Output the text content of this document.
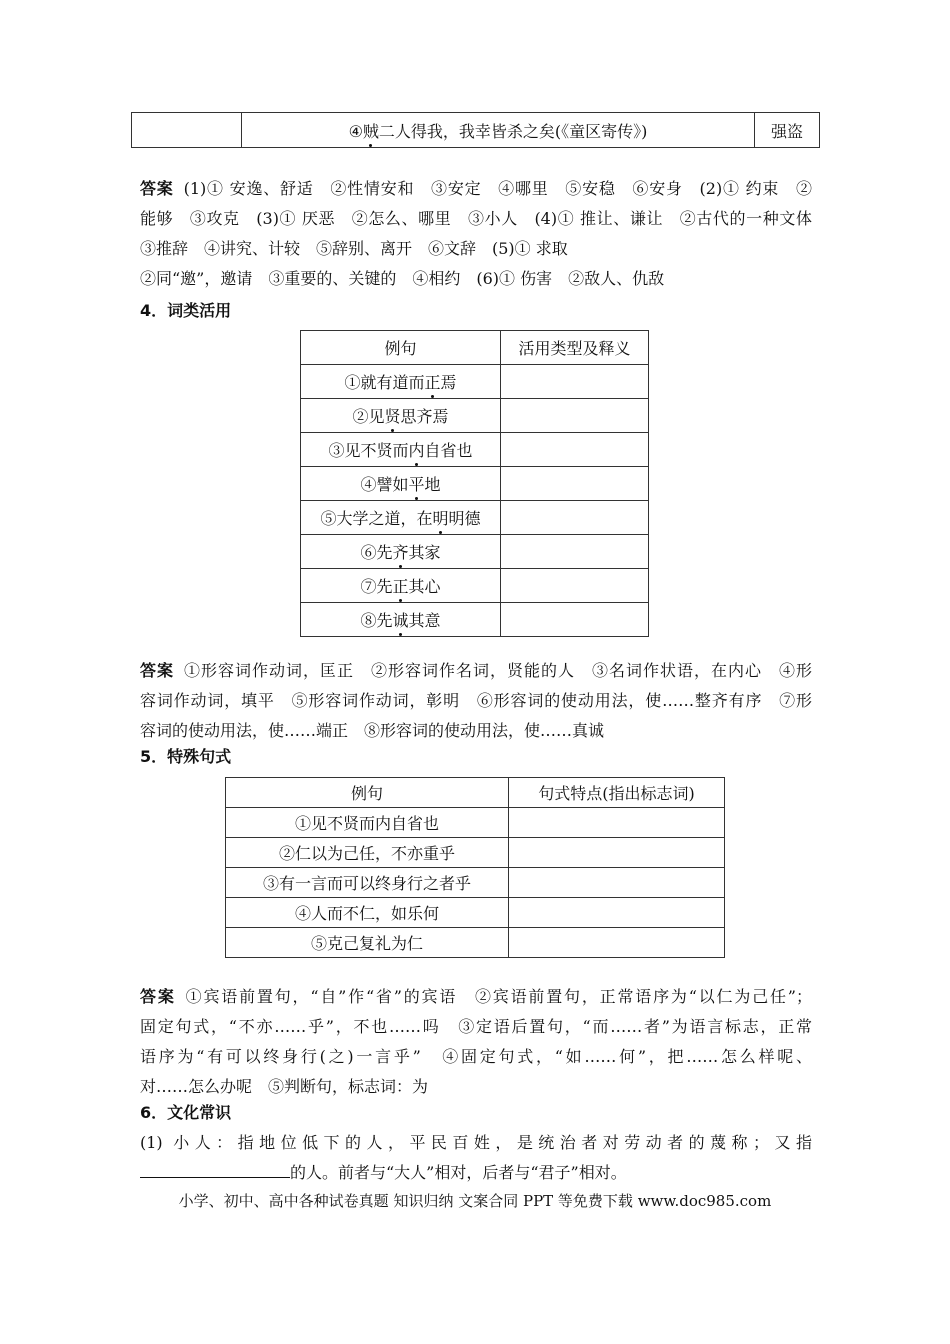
	④贼二人得我，我幸皆杀之矣(《童区寄传》)	强盗

答案 (1)① 安逸、舒适　②性情安和　③安定　④哪里　⑤安稳　⑥安身　(2)① 约束　②

能够　③攻克　(3)① 厌恶　②怎么、哪里　③小人　(4)① 推让、谦让　②古代的一种文体

③推辞　④讲究、计较　⑤辞别、离开　⑥文辞　(5)① 求取

②同“邀”，邀请　③重要的、关键的　④相约　(6)① 伤害　②敌人、仇敌

4．词类活用
例句	活用类型及释义
①就有道而正焉	
②见贤思齐焉	
③见不贤而内自省也	
④譬如平地	
⑤大学之道，在明明德	
⑥先齐其家	
⑦先正其心	
⑧先诚其意	

答案 ①形容词作动词，匡正　②形容词作名词，贤能的人　③名词作状语，在内心　④形

容词作动词，填平　⑤形容词作动词，彰明　⑥形容词的使动用法，使……整齐有序　⑦形

容词的使动用法，使……端正　⑧形容词的使动用法，使……真诚

5．特殊句式
例句	句式特点(指出标志词)
①见不贤而内自省也	
②仁以为己任，不亦重乎	
③有一言而可以终身行之者乎	
④人而不仁，如乐何	
⑤克己复礼为仁	

答案 ①宾语前置句，“自”作“省”的宾语　②宾语前置句，正常语序为“以仁为己任”；

固定句式，“不亦……乎”，不也……吗　③定语后置句，“而……者”为语言标志，正常

语序为“有可以终身行(之)一言乎”　④固定句式，“如……何”，把……怎么样呢、

对……怎么办呢　⑤判断句，标志词：为

6．文化常识

(1) 小人：指地位低下的人，平民百姓，是统治者对劳动者的蔑称；又指

的人。前者与“大人”相对，后者与“君子”相对。

小学、初中、高中各种试卷真题 知识归纳 文案合同 PPT 等免费下载 www.doc985.com
